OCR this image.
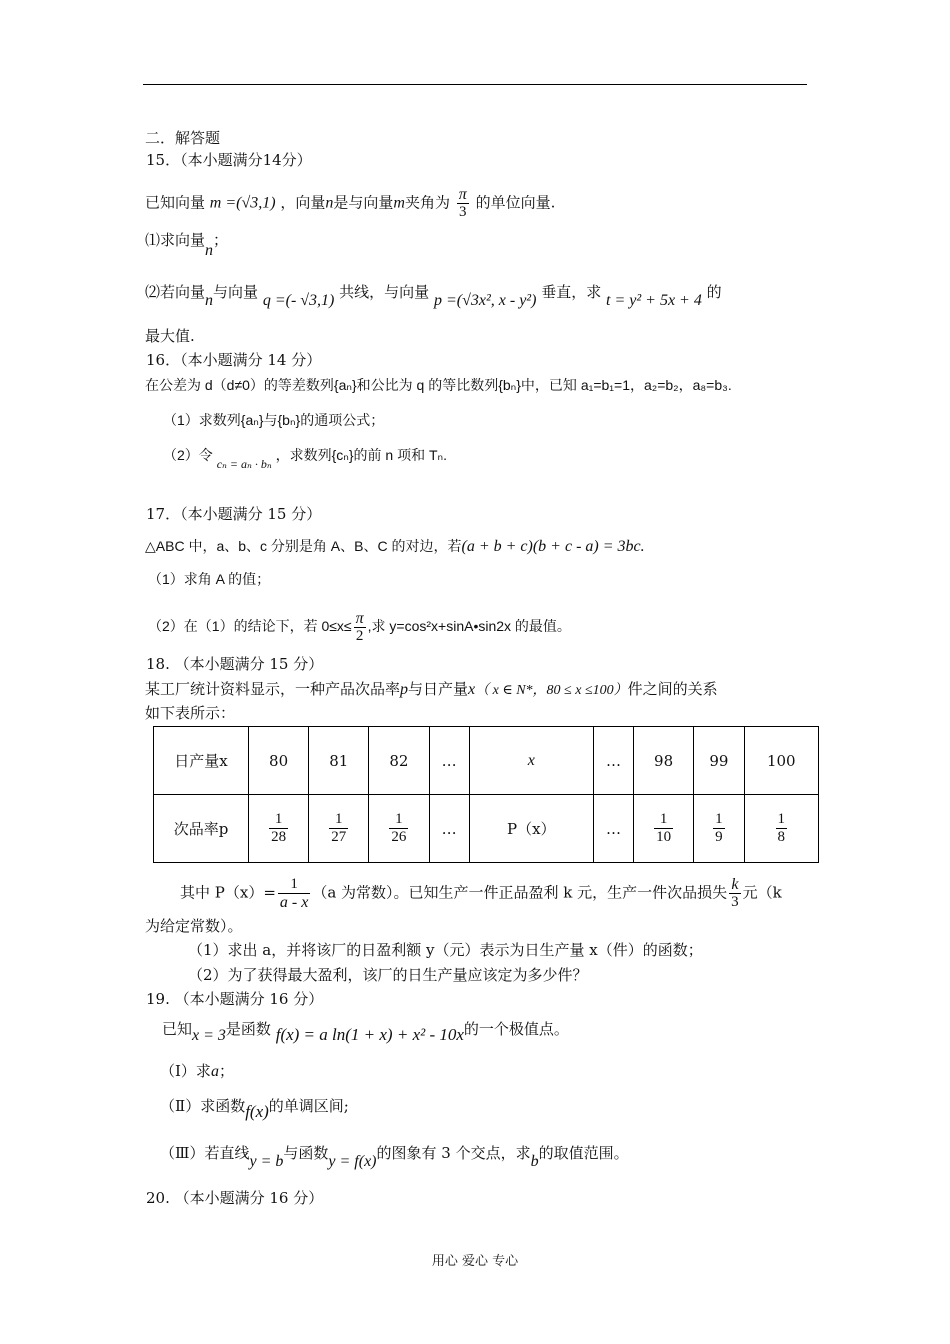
二．解答题
15．（本小题满分14分）
已知向量 m =(√3,1) ，向量n是与向量m夹角为 $\frac{\pi}{3}$ 的单位向量.
⑴求向量n；
⑵若向量n与向量 q =(- √3,1) 共线，与向量 p =(√3x², x - y²) 垂直，求 t = y² + 5x + 4 的
最大值.
16．（本小题满分 14 分）
在公差为 d（d≠0）的等差数列{aₙ}和公比为 q 的等比数列{bₙ}中，已知 a₁=b₁=1，a₂=b₂，a₈=b₃.
（1）求数列{aₙ}与{bₙ}的通项公式；
（2）令 cₙ = aₙ · bₙ ，求数列{cₙ}的前 n 项和 Tₙ.
17．（本小题满分 15 分）
△ABC 中，a、b、c 分别是角 A、B、C 的对边，若(a + b + c)(b + c - a) = 3bc.
（1）求角 A 的值；
（2）在（1）的结论下，若 $0\le x\le \frac{\pi}{2}$ ,求 y=cos²x+sinA•sin2x 的最值。
18. （本小题满分 15 分）
某工厂统计资料显示，一种产品次品率p与日产量x（ x ∈ N*，80 ≤ x ≤100）件之间的关系
如下表所示：
日产量x	80	81	82	…	x	…	98	99	100
次品率p	$\frac{1}{28}$	$\frac{1}{27}$	$\frac{1}{26}$	…	P（x）	…	$\frac{1}{10}$	$\frac{1}{9}$	$\frac{1}{8}$
其中 $P(x)= \frac{1}{a - x} (a$ 为常数）。已知生产一件正品盈利 k 元，生产一件次品损失 $\frac{k}{3}$ 元（k
为给定常数）。
（1）求出 a，并将该厂的日盈利额 y（元）表示为日生产量 x（件）的函数；
（2）为了获得最大盈利，该厂的日生产量应该定为多少件？
19. （本小题满分 16 分）
已知x = 3是函数 f(x) = a ln(1 + x) + x² - 10x的一个极值点。
（Ⅰ）求a；
（Ⅱ）求函数f(x)的单调区间;
（Ⅲ）若直线y = b与函数y = f(x)的图象有 3 个交点，求b的取值范围。
20. （本小题满分 16 分）
用心 爱心 专心
